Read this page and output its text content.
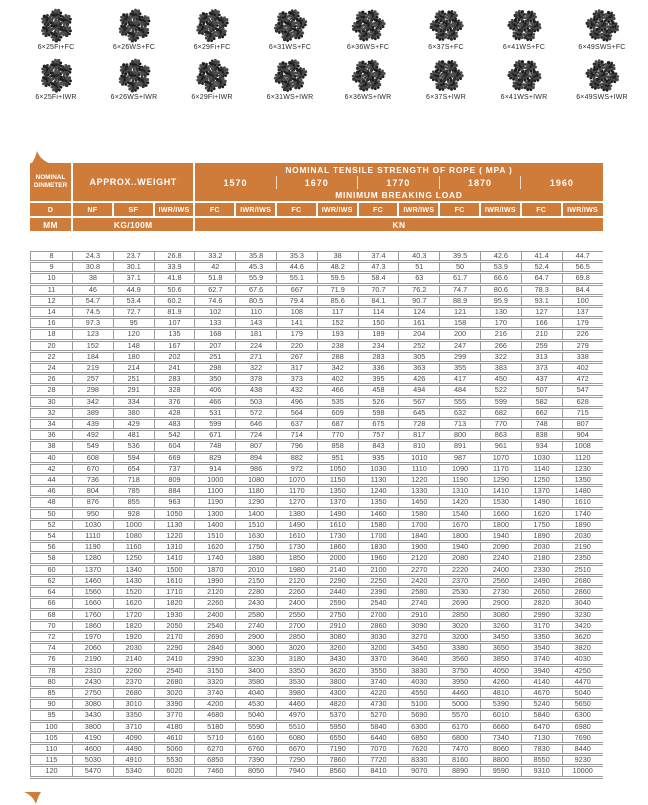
6×25Fi+FC	6×26WS+FC	6×29Fi+FC	6×31WS+FC	6×36WS+FC	6×37S+FC	6×41WS+FC	6×49SWS+FC
6×25Fi+IWR	6×26WS+IWR	6×29Fi+IWR	6×31WS+IWR	6×36WS+IWR	6×37S+IWR	6×41WS+IWR	6×49SWS+IWR
NOMINAL
DINMETER	APPROX..WEIGHT			NOMINAL TENSILE STRENGTH OF ROPE ( MPA )									
				1570		1670		1770		1870		1960	
				MINIMUM BREAKING LOAD									
D	NF	SF	IWR/IWS	FC	IWR/IWS	FC	IWR/IWS	FC	IWR/IWS	FC	IWR/IWS	FC	IWR/IWS
MM	KG/100M			KN									
8	24.3	23.7	26.8	33.2	35.8	35.3	38	37.4	40.3	39.5	42.6	41.4	44.7
9	30.8	30.1	33.9	42	45.3	44.6	48.2	47.3	51	50	53.9	52.4	56.5
10	38	37.1	41.8	51.8	55.9	55.1	59.5	58.4	63	61.7	66.6	64.7	69.8
11	46	44.9	50.6	62.7	67.6	667	71.9	70.7	76.2	74.7	80.6	78.3	84.4
12	54.7	53.4	60.2	74.6	80.5	79.4	85.6	84.1	90.7	88.9	95.9	93.1	100
14	74.5	72.7	81.9	102	110	108	117	114	124	121	130	127	137
16	97.3	95	107	133	143	141	152	150	161	158	170	166	179
18	123	120	135	168	181	179	193	189	204	200	216	210	226
20	152	148	167	207	224	220	238	234	252	247	266	259	279
22	184	180	202	251	271	267	288	283	305	299	322	313	338
24	219	214	241	298	322	317	342	336	363	355	383	373	402
26	257	251	283	350	378	373	402	395	426	417	450	437	472
28	298	291	328	406	438	432	466	458	494	484	522	507	547
30	342	334	376	466	503	496	535	526	567	555	599	582	628
32	389	380	428	531	572	564	609	598	645	632	682	662	715
34	439	429	483	599	646	637	687	675	728	713	770	748	807
36	492	481	542	671	724	714	770	757	817	800	863	838	904
38	549	536	604	748	807	796	858	843	810	891	961	934	1008
40	608	594	669	829	894	882	951	935	1010	987	1070	1030	1120
42	670	654	737	914	986	972	1050	1030	1110	1090	1170	1140	1230
44	736	718	809	1000	1080	1070	1150	1130	1220	1190	1290	1250	1350
46	804	785	884	1100	1180	1170	1350	1240	1330	1310	1410	1370	1480
48	876	855	963	1190	1290	1270	1370	1350	1450	1420	1530	1490	1610
50	950	928	1050	1300	1400	1380	1490	1460	1580	1540	1660	1620	1740
52	1030	1000	1130	1400	1510	1490	1610	1580	1700	1670	1800	1750	1890
54	1110	1080	1220	1510	1630	1610	1730	1700	1840	1800	1940	1890	2030
56	1190	1160	1310	1620	1750	1730	1860	1830	1900	1940	2090	2030	2190
58	1280	1250	1410	1740	1880	1850	2000	1960	2120	2080	2240	2180	2350
60	1370	1340	1500	1870	2010	1980	2140	2100	2270	2220	2400	2330	2510
62	1460	1430	1610	1990	2150	2120	2290	2250	2420	2370	2560	2490	2680
64	1560	1520	1710	2120	2280	2260	2440	2390	2580	2530	2730	2650	2860
66	1660	1620	1820	2260	2430	2400	2590	2540	2740	2690	2900	2820	3040
68	1760	1720	1930	2400	2580	2550	2750	2700	2910	2850	3080	2990	3230
70	1860	1820	2050	2540	2740	2700	2910	2860	3090	3020	3260	3170	3420
72	1970	1920	2170	2690	2900	2850	3080	3030	3270	3200	3450	3350	3620
74	2060	2030	2290	2840	3060	3020	3260	3200	3450	3380	3650	3540	3820
76	2190	2140	2410	2990	3230	3180	3430	3370	3640	3560	3850	3740	4030
78	2310	2260	2540	3150	3400	3350	3620	3550	3830	3750	4050	3940	4250
80	2430	2370	2680	3320	3580	3530	3800	3740	4030	3950	4260	4140	4470
85	2750	2680	3020	3740	4040	3980	4300	4220	4550	4460	4810	4670	5040
90	3080	3010	3390	4200	4530	4460	4820	4730	5100	5000	5390	5240	5650
95	3430	3350	3770	4680	5040	4970	5370	5270	5690	5570	6010	5840	6300
100	3800	3710	4180	5180	5590	5510	5950	5840	6300	6170	6660	6470	6980
105	4190	4090	4610	5710	6160	6080	6550	6440	6850	6800	7340	7130	7690
110	4600	4490	5060	6270	6760	6670	7190	7070	7620	7470	8060	7830	8440
115	5030	4910	5530	6850	7390	7290	7860	7720	8330	8160	8800	8550	9230
120	5470	5340	6020	7460	8050	7940	8560	8410	9070	8890	9590	9310	10000
